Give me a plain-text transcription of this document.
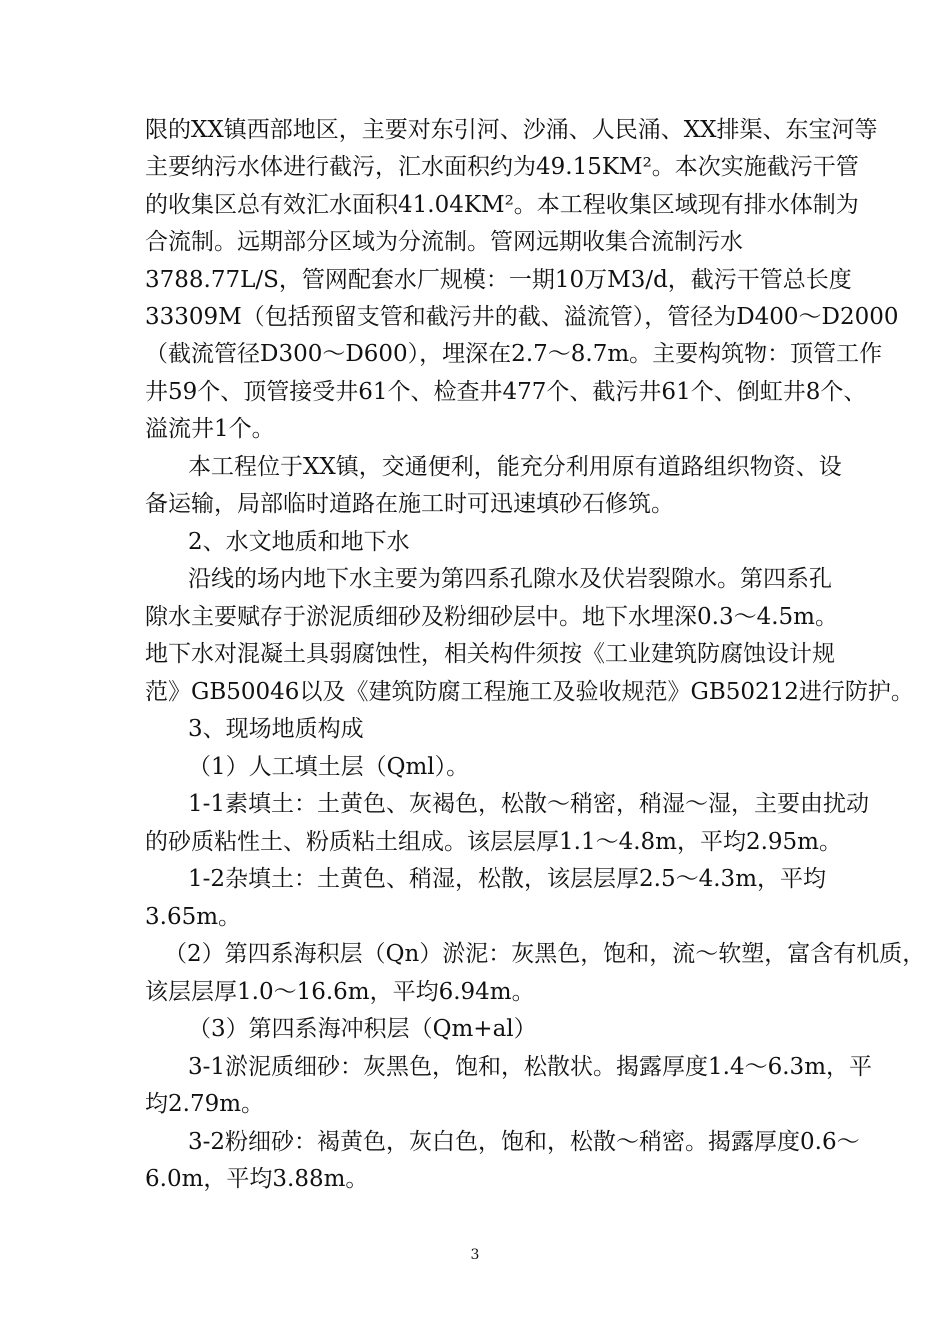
限的XX镇西部地区，主要对东引河、沙涌、人民涌、XX排渠、东宝河等
主要纳污水体进行截污，汇水面积约为49.15KM²。本次实施截污干管
的收集区总有效汇水面积41.04KM²。本工程收集区域现有排水体制为
合流制。远期部分区域为分流制。管网远期收集合流制污水
3788.77L/S，管网配套水厂规模：一期10万M3/d，截污干管总长度
33309M（包括预留支管和截污井的截、溢流管），管径为D400～D2000
（截流管径D300～D600），埋深在2.7～8.7m。主要构筑物：顶管工作
井59个、顶管接受井61个、检查井477个、截污井61个、倒虹井8个、
溢流井1个。
本工程位于XX镇，交通便利，能充分利用原有道路组织物资、设
备运输，局部临时道路在施工时可迅速填砂石修筑。
2、水文地质和地下水
沿线的场内地下水主要为第四系孔隙水及伏岩裂隙水。第四系孔
隙水主要赋存于淤泥质细砂及粉细砂层中。地下水埋深0.3～4.5m。
地下水对混凝土具弱腐蚀性，相关构件须按《工业建筑防腐蚀设计规
范》GB50046以及《建筑防腐工程施工及验收规范》GB50212进行防护。
3、现场地质构成
（1）人工填土层（Qml）。
1-1素填土：土黄色、灰褐色，松散～稍密，稍湿～湿，主要由扰动
的砂质粘性土、粉质粘土组成。该层层厚1.1～4.8m，平均2.95m。
1-2杂填土：土黄色、稍湿，松散，该层层厚2.5～4.3m，平均
3.65m。
（2）第四系海积层（Qn）淤泥：灰黑色，饱和，流～软塑，富含有机质，
该层层厚1.0～16.6m，平均6.94m。
（3）第四系海冲积层（Qm+al）
3-1淤泥质细砂：灰黑色，饱和，松散状。揭露厚度1.4～6.3m，平
均2.79m。
3-2粉细砂：褐黄色，灰白色，饱和，松散～稍密。揭露厚度0.6～
6.0m，平均3.88m。
3
